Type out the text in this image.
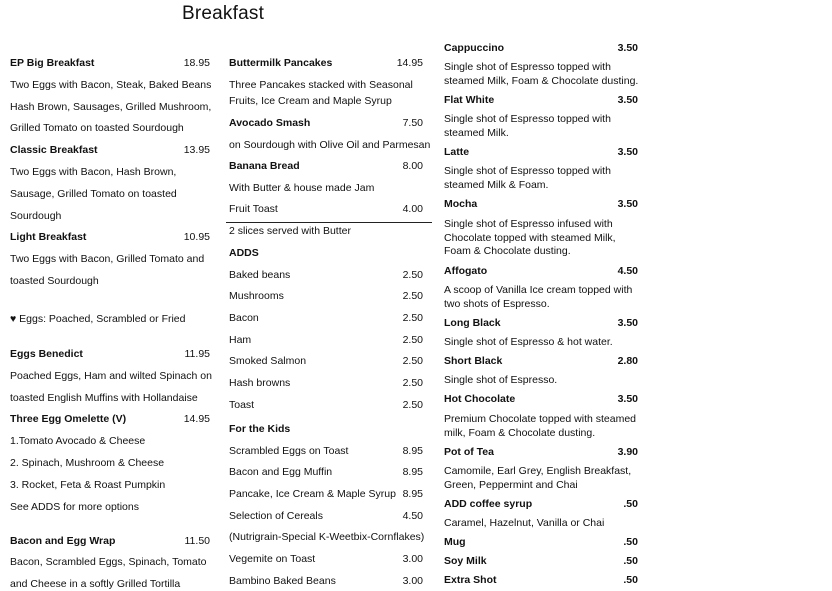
Breakfast
EP Big Breakfast	18.95
Two Eggs with Bacon, Steak, Baked Beans
Hash Brown, Sausages, Grilled Mushroom,
Grilled Tomato on toasted Sourdough
Classic Breakfast	13.95
Two Eggs with Bacon, Hash Brown,
Sausage, Grilled Tomato on toasted
Sourdough
Light Breakfast	10.95
Two Eggs with Bacon, Grilled Tomato and
toasted Sourdough
♥ Eggs: Poached, Scrambled or Fried
Eggs Benedict	11.95
Poached Eggs, Ham and wilted Spinach on
toasted English Muffins with Hollandaise
Three Egg Omelette (V)	14.95
1.Tomato Avocado & Cheese
2. Spinach, Mushroom & Cheese
3. Rocket, Feta & Roast Pumpkin
See ADDS for more options
Bacon and Egg Wrap	11.50
Bacon, Scrambled Eggs, Spinach, Tomato
and Cheese in a softly Grilled Tortilla
Buttermilk Pancakes	14.95
Three Pancakes stacked with Seasonal
Fruits, Ice Cream and Maple Syrup
Avocado Smash	7.50
on Sourdough with Olive Oil and Parmesan
Banana Bread	8.00
With Butter & house made Jam
Fruit Toast	4.00
2 slices served with Butter
ADDS
Baked beans	2.50
Mushrooms	2.50
Bacon	2.50
Ham	2.50
Smoked Salmon	2.50
Hash browns	2.50
Toast	2.50
For the Kids
Scrambled Eggs on Toast	8.95
Bacon and Egg Muffin	8.95
Pancake, Ice Cream & Maple Syrup 8.95
Selection of Cereals	4.50
(Nutrigrain-Special K-Weetbix-Cornflakes)
Vegemite on Toast	3.00
Bambino Baked Beans	3.00
Cappuccino	3.50
Single shot of Espresso topped with
steamed Milk, Foam & Chocolate dusting.
Flat White	3.50
Single shot of Espresso topped with
steamed Milk.
Latte	3.50
Single shot of Espresso topped with
steamed Milk & Foam.
Mocha	3.50
Single shot of Espresso infused with
Chocolate topped with steamed Milk,
Foam & Chocolate dusting.
Affogato	4.50
A scoop of Vanilla Ice cream topped with
two shots of Espresso.
Long Black	3.50
Single shot of Espresso & hot water.
Short Black	2.80
Single shot of Espresso.
Hot Chocolate	3.50
Premium Chocolate topped with steamed
milk, Foam & Chocolate dusting.
Pot of Tea	3.90
Camomile, Earl Grey, English Breakfast,
Green, Peppermint and Chai
ADD coffee syrup	.50
Caramel, Hazelnut, Vanilla or Chai
Mug	.50
Soy Milk	.50
Extra Shot	.50
